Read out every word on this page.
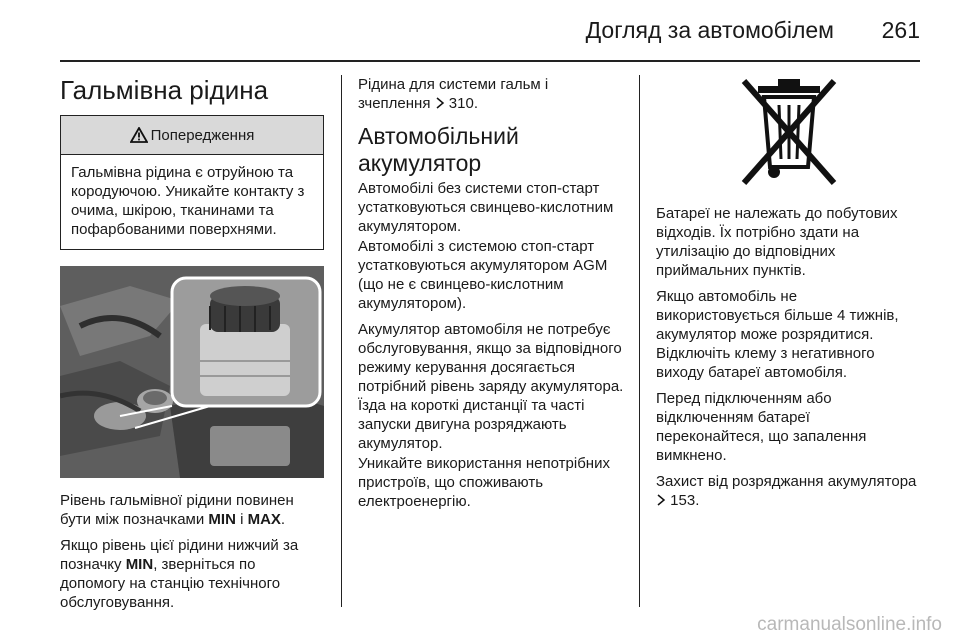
Догляд за автомобілем 261
Гальмівна рідина
Попередження
Гальмівна рідина є отруйною та кородуючою. Уникайте контакту з очима, шкірою, тканинами та пофарбованими поверхнями.

Рівень гальмівної рідини повинен бути між позначками MIN і MAX.

Якщо рівень цієї рідини нижчий за позначку MIN, зверніться по допомогу на станцію технічного обслуговування.

Рідина для системи гальм і зчеплення 310.

Автомобільний акумулятор

Автомобілі без системи стоп-старт устатковуються свинцево-кислотним акумулятором.

Автомобілі з системою стоп-старт устатковуються акумулятором AGM (що не є свинцево-кислотним акумулятором).

Акумулятор автомобіля не потребує обслуговування, якщо за відповідного режиму керування досягається потрібний рівень заряду акумулятора. Їзда на короткі дистанції та часті запуски двигуна розряджають акумулятор.

Уникайте використання непотрібних пристроїв, що споживають електроенергію.

Батареї не належать до побутових відходів. Їх потрібно здати на утилізацію до відповідних приймальних пунктів.

Якщо автомобіль не використовується більше 4 тижнів, акумулятор може розрядитися. Відключіть клему з негативного виходу батареї автомобіля.

Перед підключенням або відключенням батареї переконайтеся, що запалення вимкнено.

Захист від розряджання акумулятора  153.

carmanualsonline.info
